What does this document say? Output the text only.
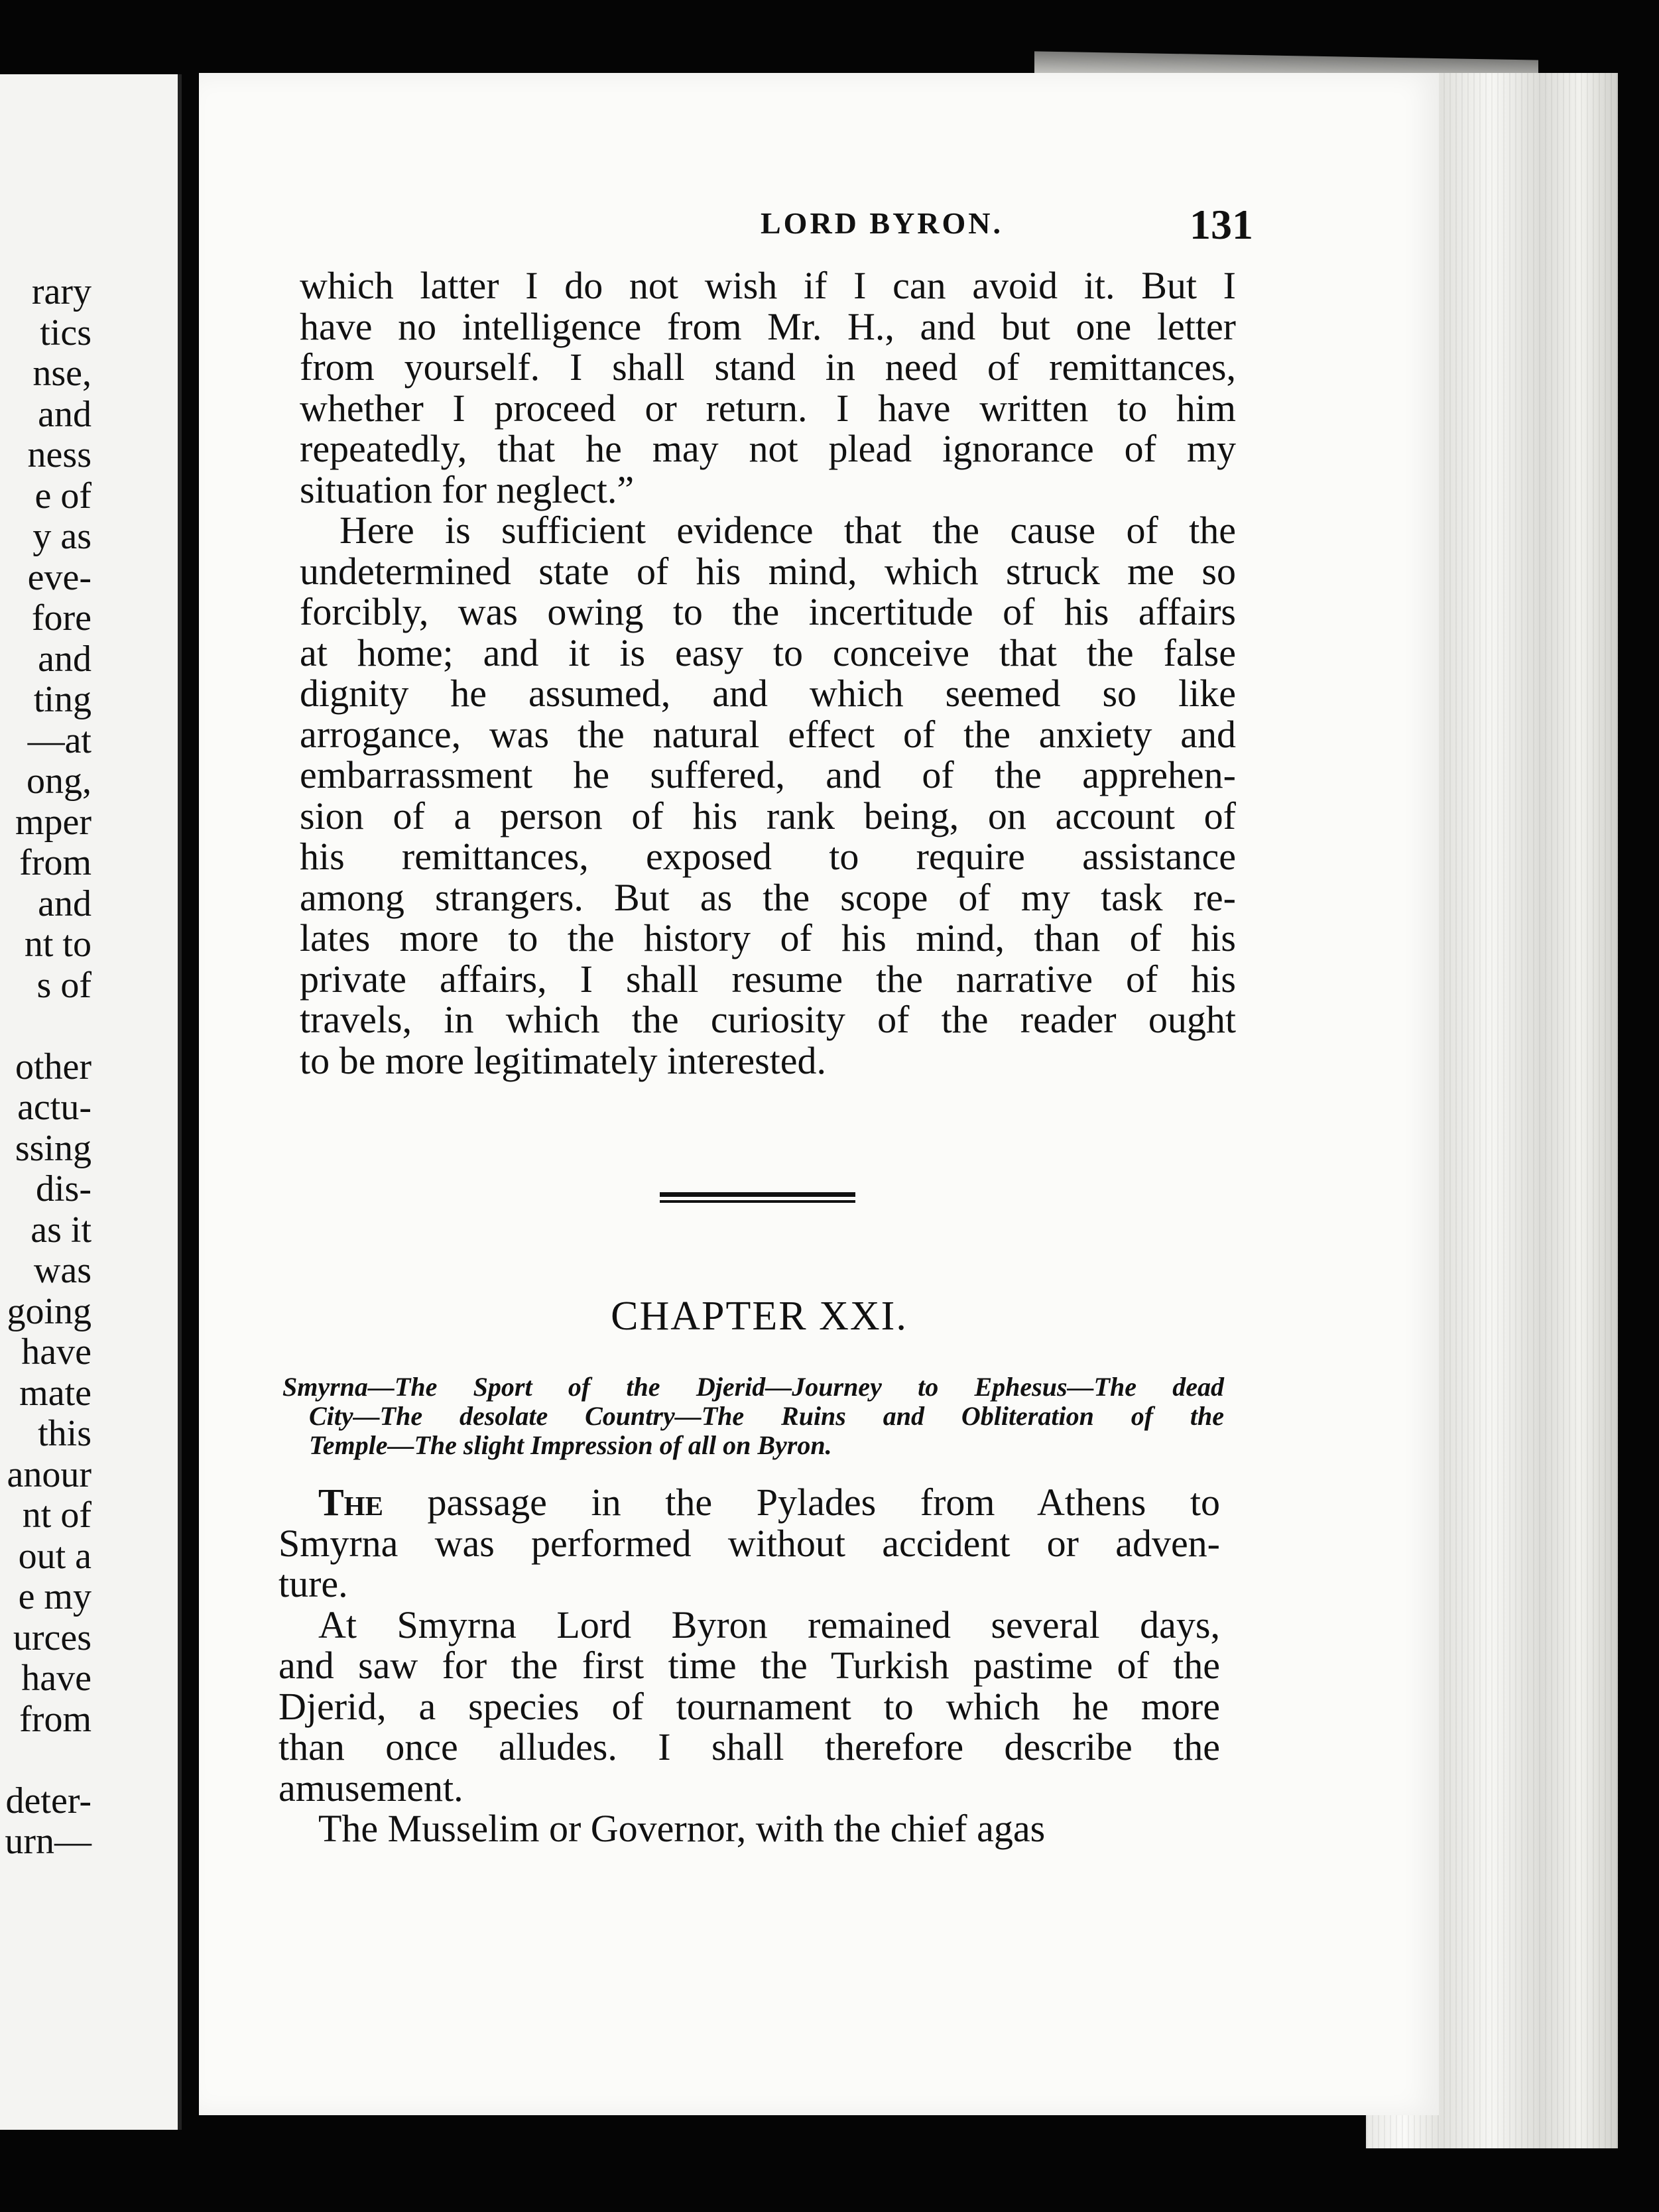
rary
tics
nse,
and
ness
e of
y as
eve-
fore
and
ting
—at
ong,
mper
from
and
nt to
s of
other
actu-
ssing
dis-
as it
was
going
have
mate
this
anour
nt of
out a
e my
urces
have
from
deter-
urn—
LORD BYRON.	131
which latter I do not wish if I can avoid it. But I
have no intelligence from Mr. H., and but one letter
from yourself. I shall stand in need of remittances,
whether I proceed or return. I have written to him
repeatedly, that he may not plead ignorance of my
situation for neglect.”
Here is sufficient evidence that the cause of the
undetermined state of his mind, which struck me so
forcibly, was owing to the incertitude of his affairs
at home; and it is easy to conceive that the false
dignity he assumed, and which seemed so like
arrogance, was the natural effect of the anxiety and
embarrassment he suffered, and of the apprehen-
sion of a person of his rank being, on account of
his remittances, exposed to require assistance
among strangers. But as the scope of my task re-
lates more to the history of his mind, than of his
private affairs, I shall resume the narrative of his
travels, in which the curiosity of the reader ought
to be more legitimately interested.
CHAPTER XXI.
Smyrna—The Sport of the Djerid—Journey to Ephesus—The dead
City—The desolate Country—The Ruins and Obliteration of the
Temple—The slight Impression of all on Byron.
The passage in the Pylades from Athens to
Smyrna was performed without accident or adven-
ture.
At Smyrna Lord Byron remained several days,
and saw for the first time the Turkish pastime of the
Djerid, a species of tournament to which he more
than once alludes. I shall therefore describe the
amusement.
The Musselim or Governor, with the chief agas
